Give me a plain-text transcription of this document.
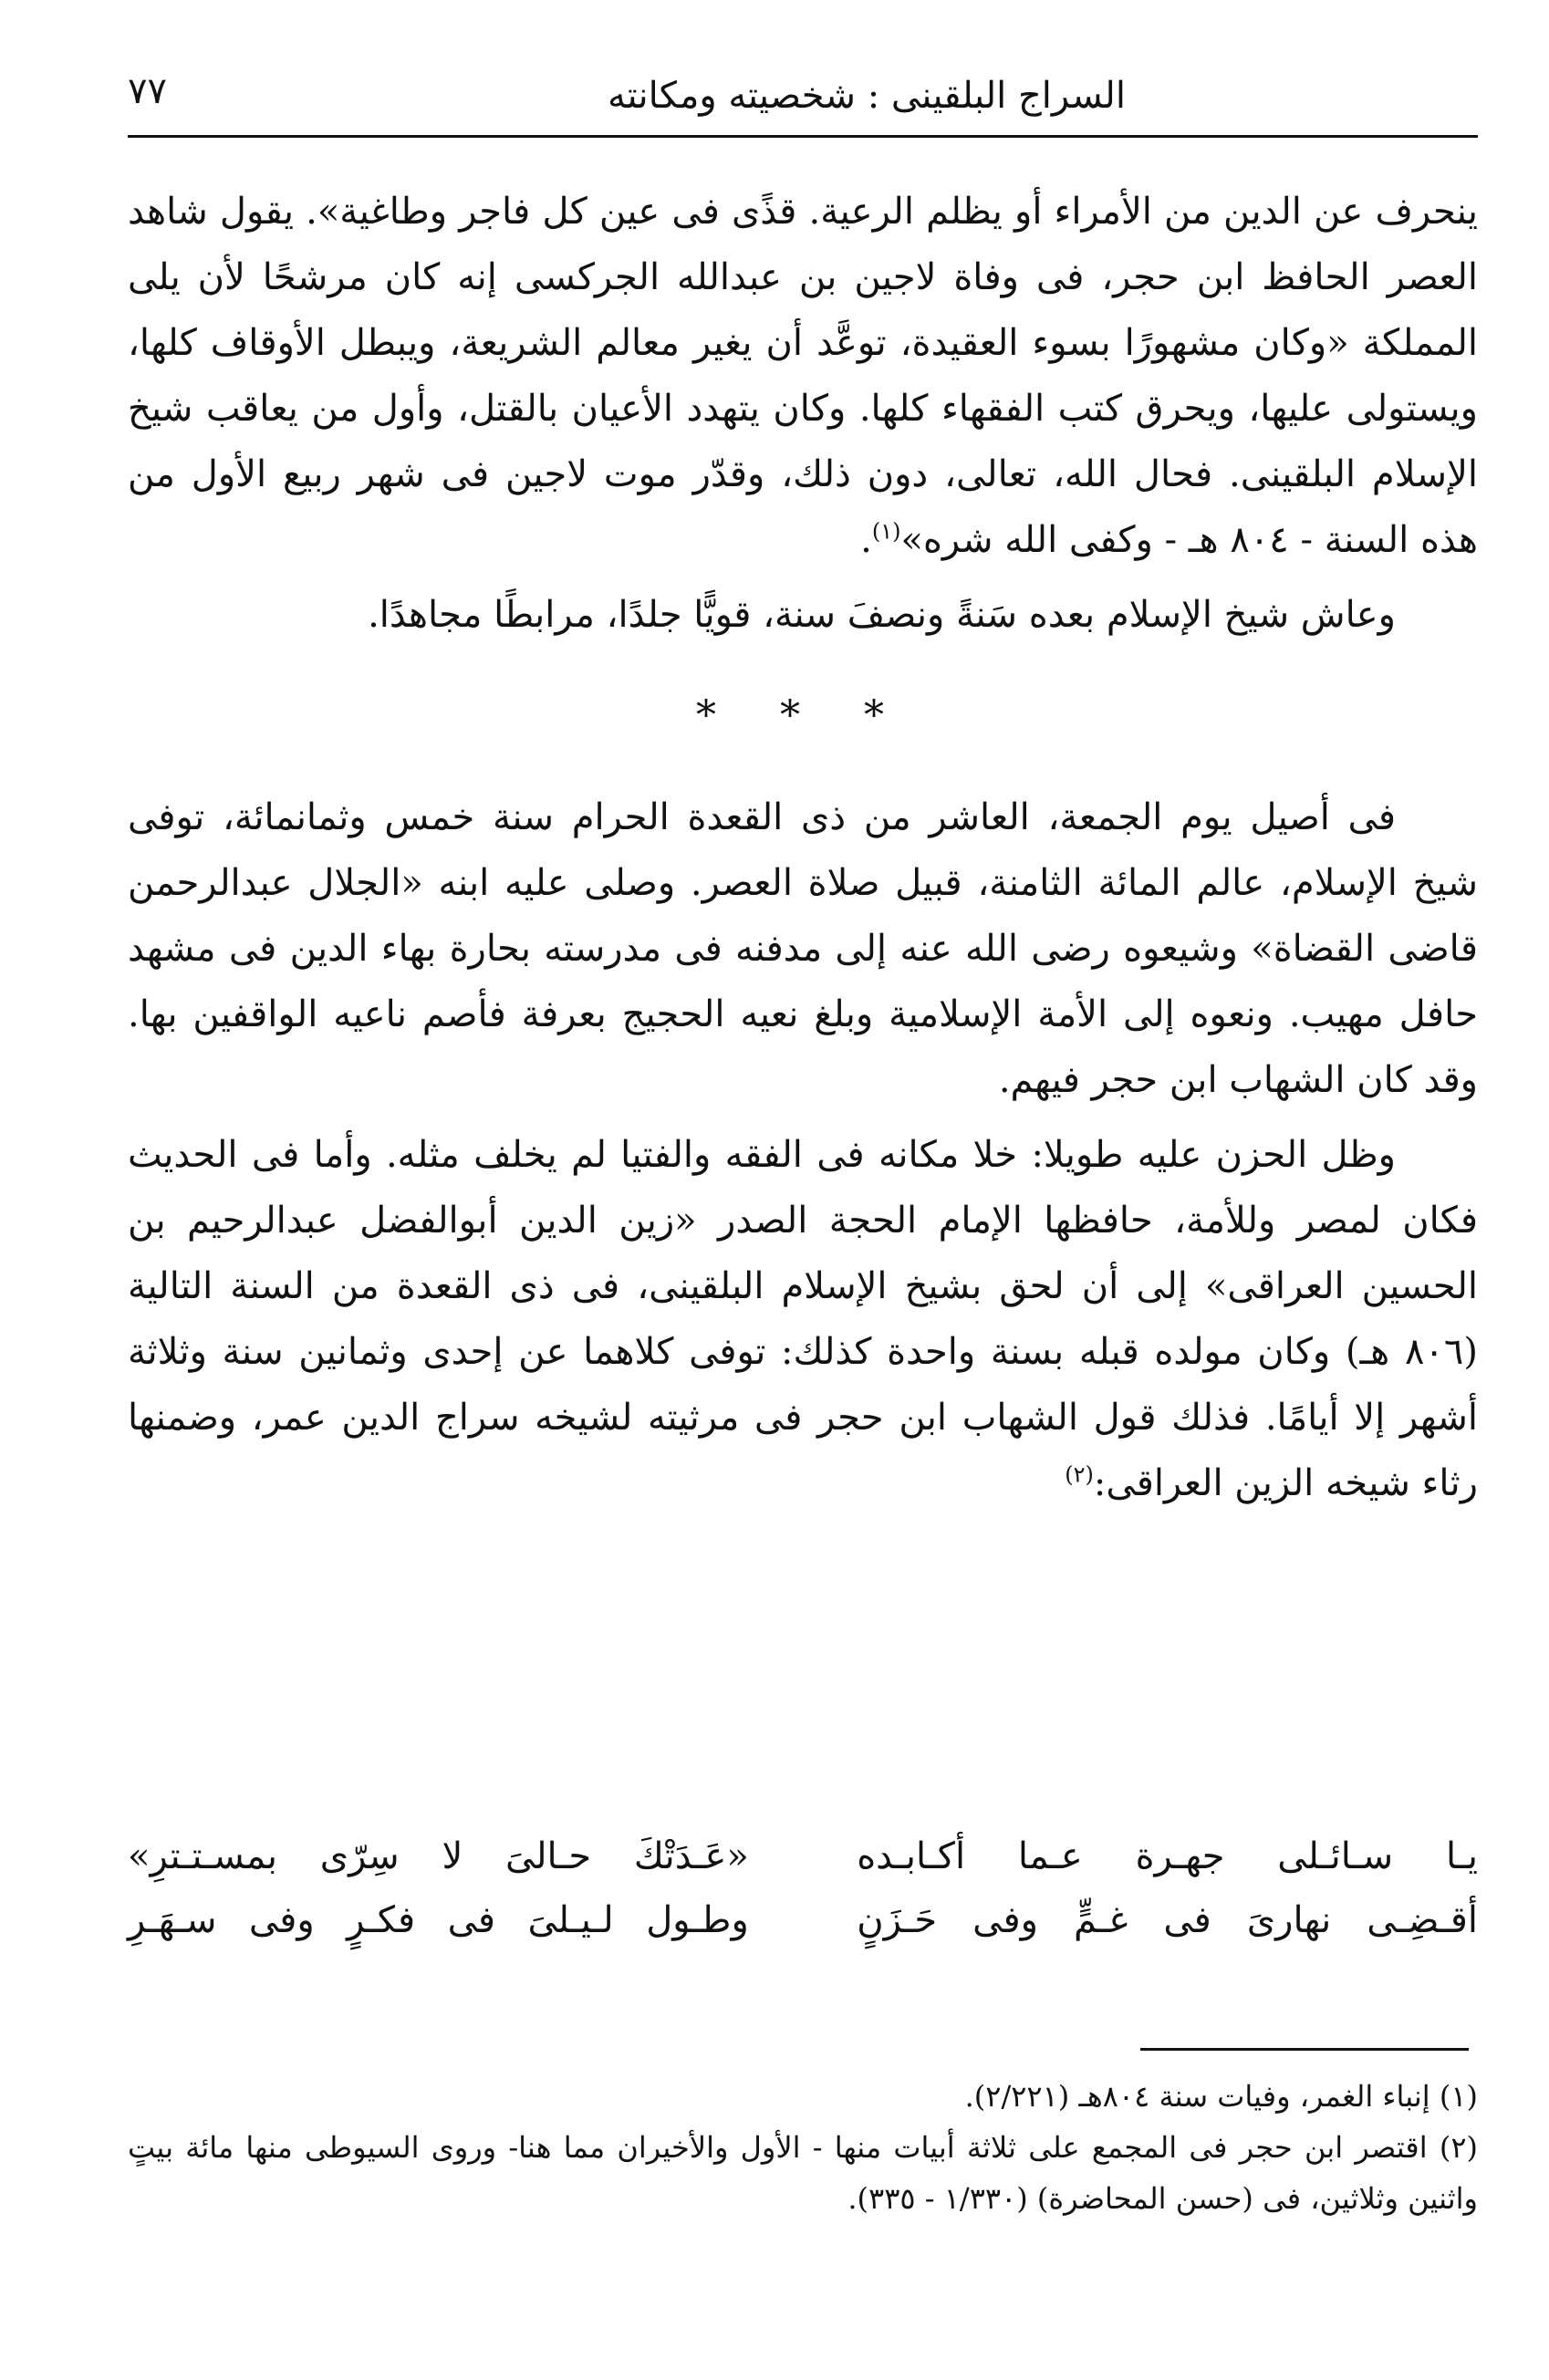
٧٧	السراج البلقينى : شخصيته ومكانته

ينحرف عن الدين من الأمراء أو يظلم الرعية. قذًى فى عين كل فاجر وطاغية». يقول شاهد العصر الحافظ ابن حجر، فى وفاة لاجين بن عبدالله الجركسى إنه كان مرشحًا لأن يلى المملكة «وكان مشهورًا بسوء العقيدة، توعَّد أن يغير معالم الشريعة، ويبطل الأوقاف كلها، ويستولى عليها، ويحرق كتب الفقهاء كلها. وكان يتهدد الأعيان بالقتل، وأول من يعاقب شيخ الإسلام البلقينى. فحال الله، تعالى، دون ذلك، وقدّر موت لاجين فى شهر ربيع الأول من هذه السنة - ٨٠٤ هـ - وكفى الله شره»$^{(١)}$.

وعاش شيخ الإسلام بعده سَنةً ونصفَ سنة، قويًّا جلدًا، مرابطًا مجاهدًا.

* * *

فى أصيل يوم الجمعة، العاشر من ذى القعدة الحرام سنة خمس وثمانمائة، توفى شيخ الإسلام، عالم المائة الثامنة، قبيل صلاة العصر. وصلى عليه ابنه «الجلال عبدالرحمن قاضى القضاة» وشيعوه رضى الله عنه إلى مدفنه فى مدرسته بحارة بهاء الدين فى مشهد حافل مهيب. ونعوه إلى الأمة الإسلامية وبلغ نعيه الحجيج بعرفة فأصم ناعيه الواقفين بها. وقد كان الشهاب ابن حجر فيهم.

وظل الحزن عليه طويلا: خلا مكانه فى الفقه والفتيا لم يخلف مثله. وأما فى الحديث فكان لمصر وللأمة، حافظها الإمام الحجة الصدر «زين الدين أبوالفضل عبدالرحيم بن الحسين العراقى» إلى أن لحق بشيخ الإسلام البلقينى، فى ذى القعدة من السنة التالية (٨٠٦ هـ) وكان مولده قبله بسنة واحدة كذلك: توفى كلاهما عن إحدى وثمانين سنة وثلاثة أشهر إلا أيامًا. فذلك قول الشهاب ابن حجر فى مرثيته لشيخه سراج الدين عمر، وضمنها رثاء شيخه الزين العراقى:$^{(٢)}$

يـا سـائـلى جهـرة عـما أكـابـده
«عَـدَتْكَ حـالىَ لا سِرّى بمسـتـترِ»
أقـضِـى نهارىَ فى غـمٍّ وفى حَـزَنٍ
وطـول لـيـلىَ فى فكـرٍ وفى سـهَـرِ

(١) إنباء الغمر، وفيات سنة ٨٠٤هـ (٢/٢٢١).

(٢) اقتصر ابن حجر فى المجمع على ثلاثة أبيات منها - الأول والأخيران مما هنا- وروى السيوطى منها مائة بيتٍ واثنين وثلاثين، فى (حسن المحاضرة) (١/٣٣٠ - ٣٣٥).
